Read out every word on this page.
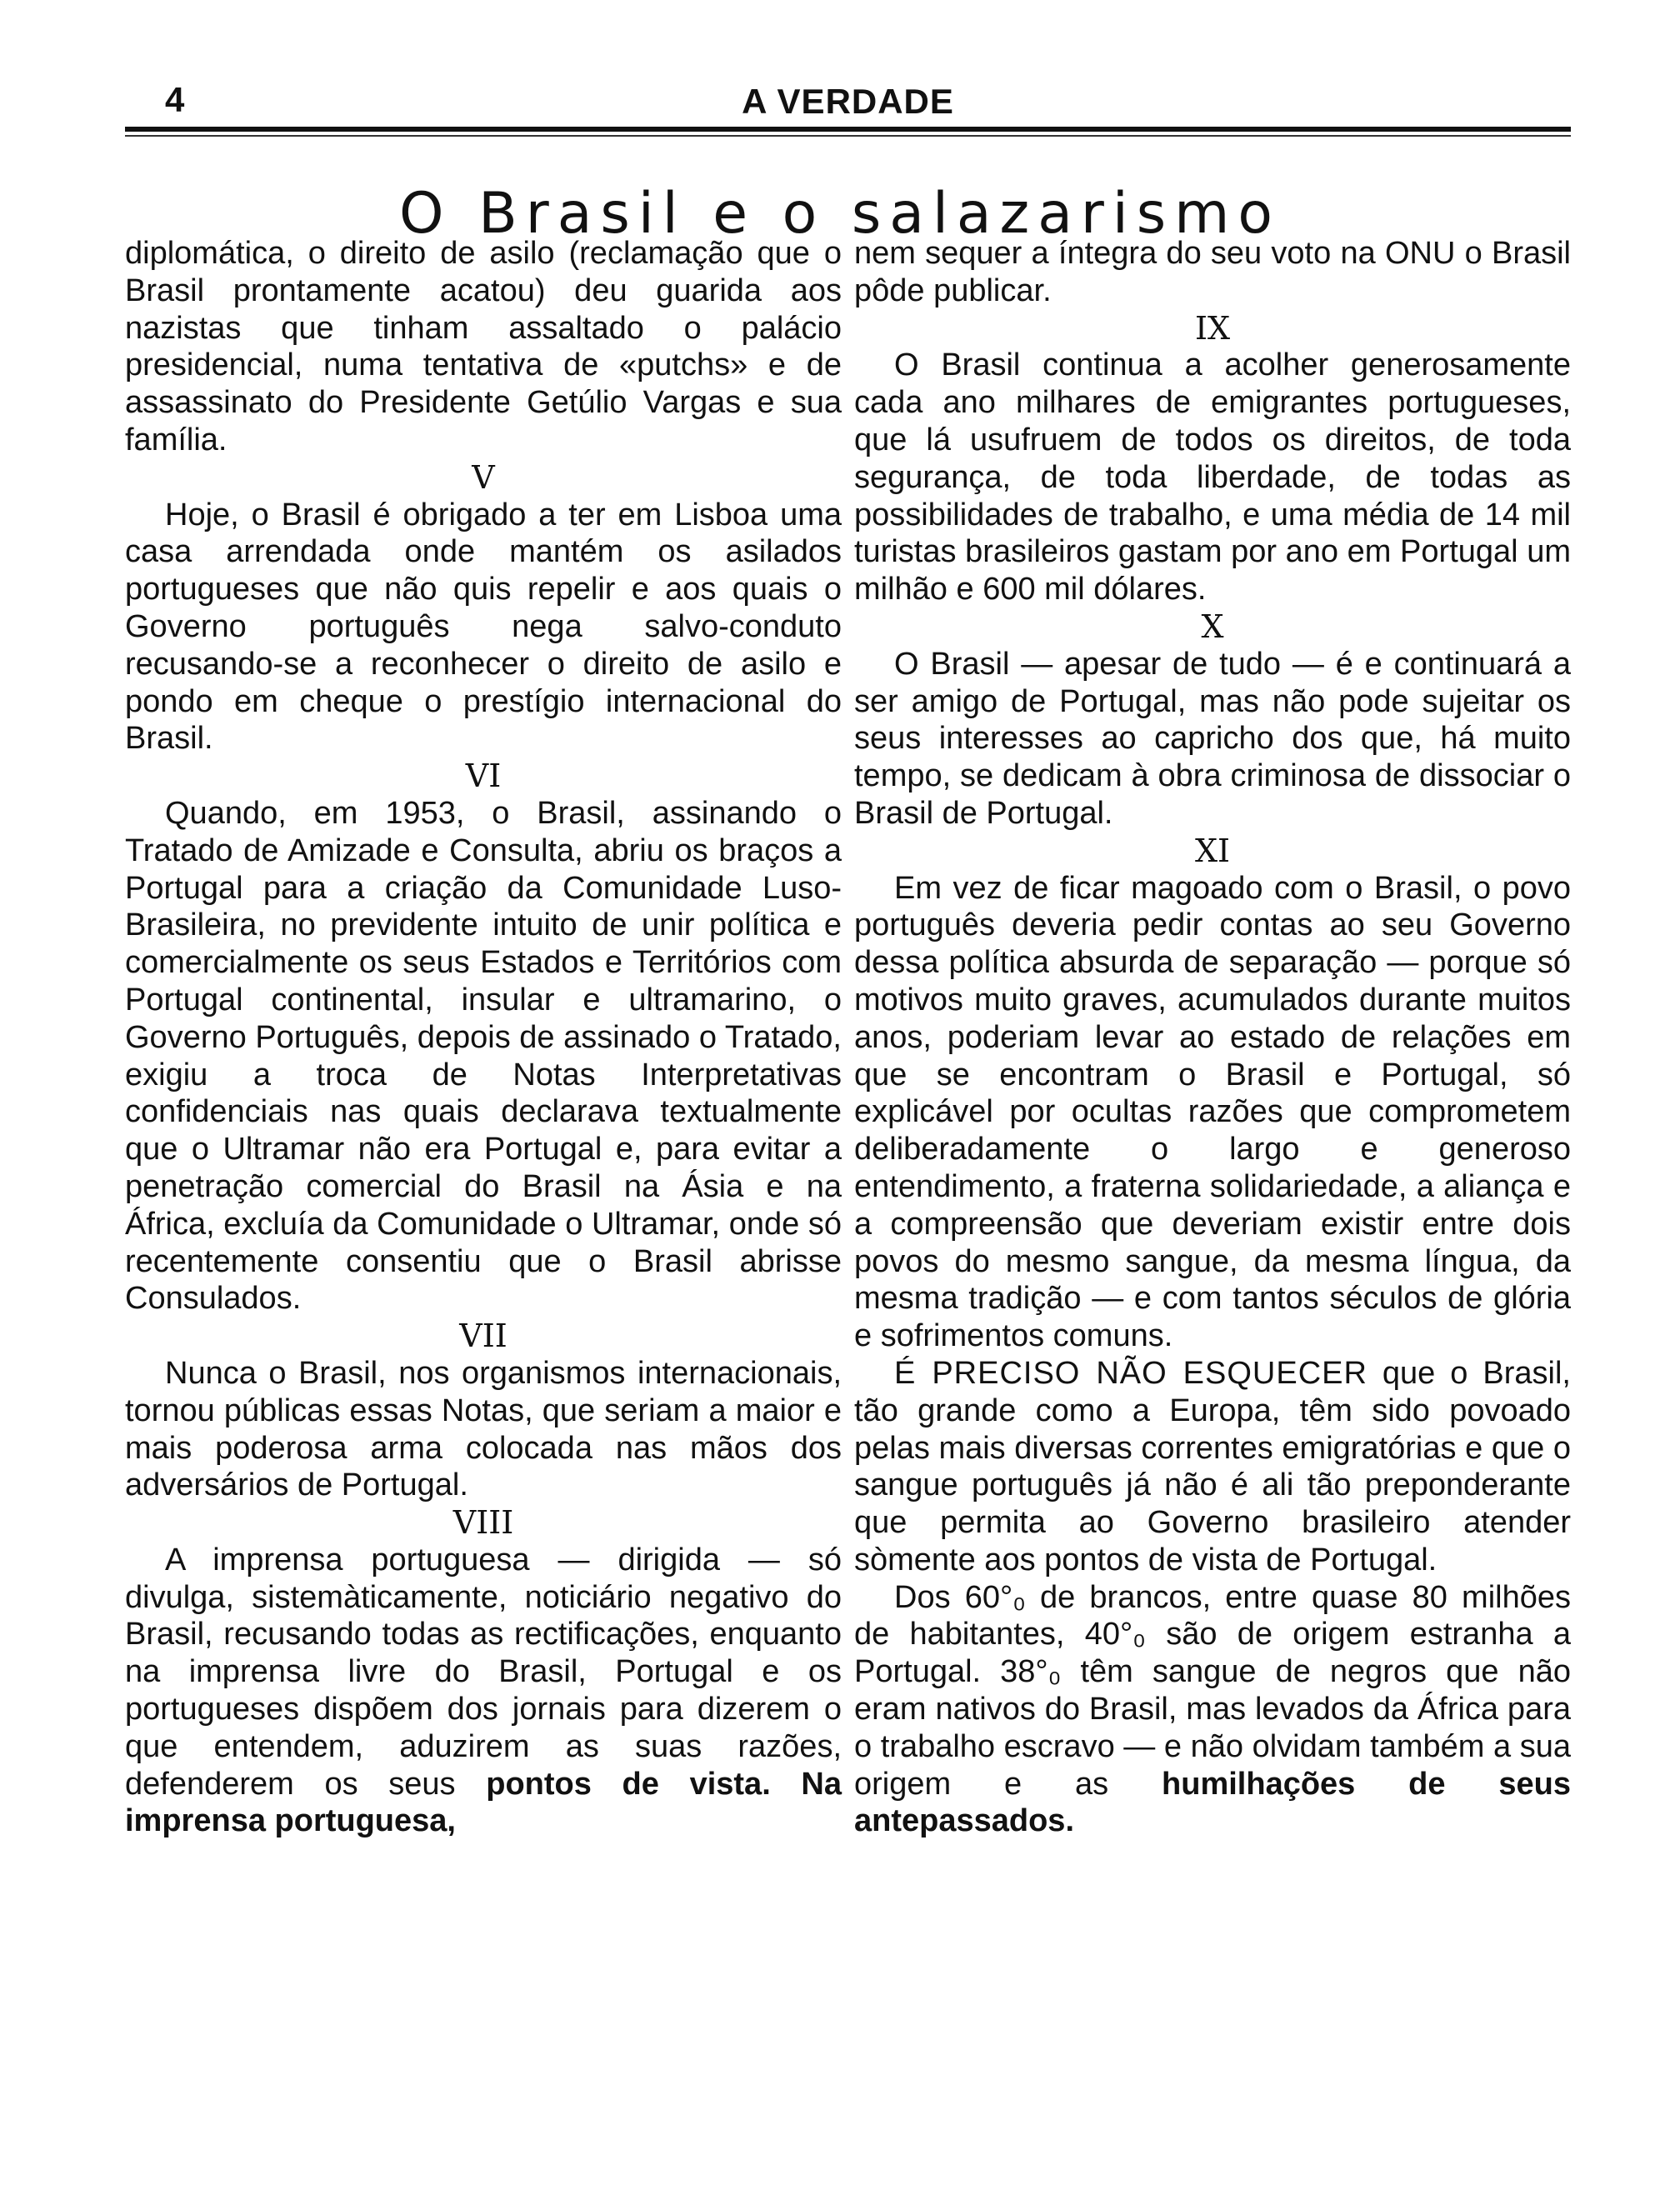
4	A VERDADE
O Brasil e o salazarismo

diplomática, o direito de asilo (reclamação que o Brasil prontamente acatou) deu guarida aos nazistas que tinham assaltado o palácio presidencial, numa tentativa de «putchs» e de assassinato do Presidente Getúlio Vargas e sua família.

V

Hoje, o Brasil é obrigado a ter em Lisboa uma casa arrendada onde mantém os asilados portugueses que não quis repelir e aos quais o Governo português nega salvo-conduto recusando-se a reconhecer o direito de asilo e pondo em cheque o prestígio internacional do Brasil.

VI

Quando, em 1953, o Brasil, assinando o Tratado de Amizade e Consulta, abriu os braços a Portugal para a criação da Comunidade Luso-Brasileira, no previdente intuito de unir política e comercialmente os seus Estados e Territórios com Portugal continental, insular e ultramarino, o Governo Português, depois de assinado o Tratado, exigiu a troca de Notas Interpretativas confidenciais nas quais declarava textualmente que o Ultramar não era Portugal e, para evitar a penetração comercial do Brasil na Ásia e na África, excluía da Comunidade o Ultramar, onde só recentemente consentiu que o Brasil abrisse Consulados.

VII

Nunca o Brasil, nos organismos internacionais, tornou públicas essas Notas, que seriam a maior e mais poderosa arma colocada nas mãos dos adversários de Portugal.

VIII

A imprensa portuguesa — dirigida — só divulga, sistemàticamente, noticiário negativo do Brasil, recusando todas as rectificações, enquanto na imprensa livre do Brasil, Portugal e os portugueses dispõem dos jornais para dizerem o que entendem, aduzirem as suas razões, defenderem os seus pontos de vista. Na imprensa portuguesa,

nem sequer a íntegra do seu voto na ONU o Brasil pôde publicar.

IX

O Brasil continua a acolher generosamente cada ano milhares de emigrantes portugueses, que lá usufruem de todos os direitos, de toda segurança, de toda liberdade, de todas as possibilidades de trabalho, e uma média de 14 mil turistas brasileiros gastam por ano em Portugal um milhão e 600 mil dólares.

X

O Brasil — apesar de tudo — é e continuará a ser amigo de Portugal, mas não pode sujeitar os seus interesses ao capricho dos que, há muito tempo, se dedicam à obra criminosa de dissociar o Brasil de Portugal.

XI

Em vez de ficar magoado com o Brasil, o povo português deveria pedir contas ao seu Governo dessa política absurda de separação — porque só motivos muito graves, acumulados durante muitos anos, poderiam levar ao estado de relações em que se encontram o Brasil e Portugal, só explicável por ocultas razões que comprometem deliberadamente o largo e generoso entendimento, a fraterna solidariedade, a aliança e a compreensão que deveriam existir entre dois povos do mesmo sangue, da mesma língua, da mesma tradição — e com tantos séculos de glória e sofrimentos comuns.

É PRECISO NÃO ESQUECER que o Brasil, tão grande como a Europa, têm sido povoado pelas mais diversas correntes emigratórias e que o sangue português já não é ali tão preponderante que permita ao Governo brasileiro atender sòmente aos pontos de vista de Portugal.

Dos 60°₀ de brancos, entre quase 80 milhões de habitantes, 40°₀ são de origem estranha a Portugal. 38°₀ têm sangue de negros que não eram nativos do Brasil, mas levados da África para o trabalho escravo — e não olvidam também a sua origem e as humilhações de seus antepassados.
